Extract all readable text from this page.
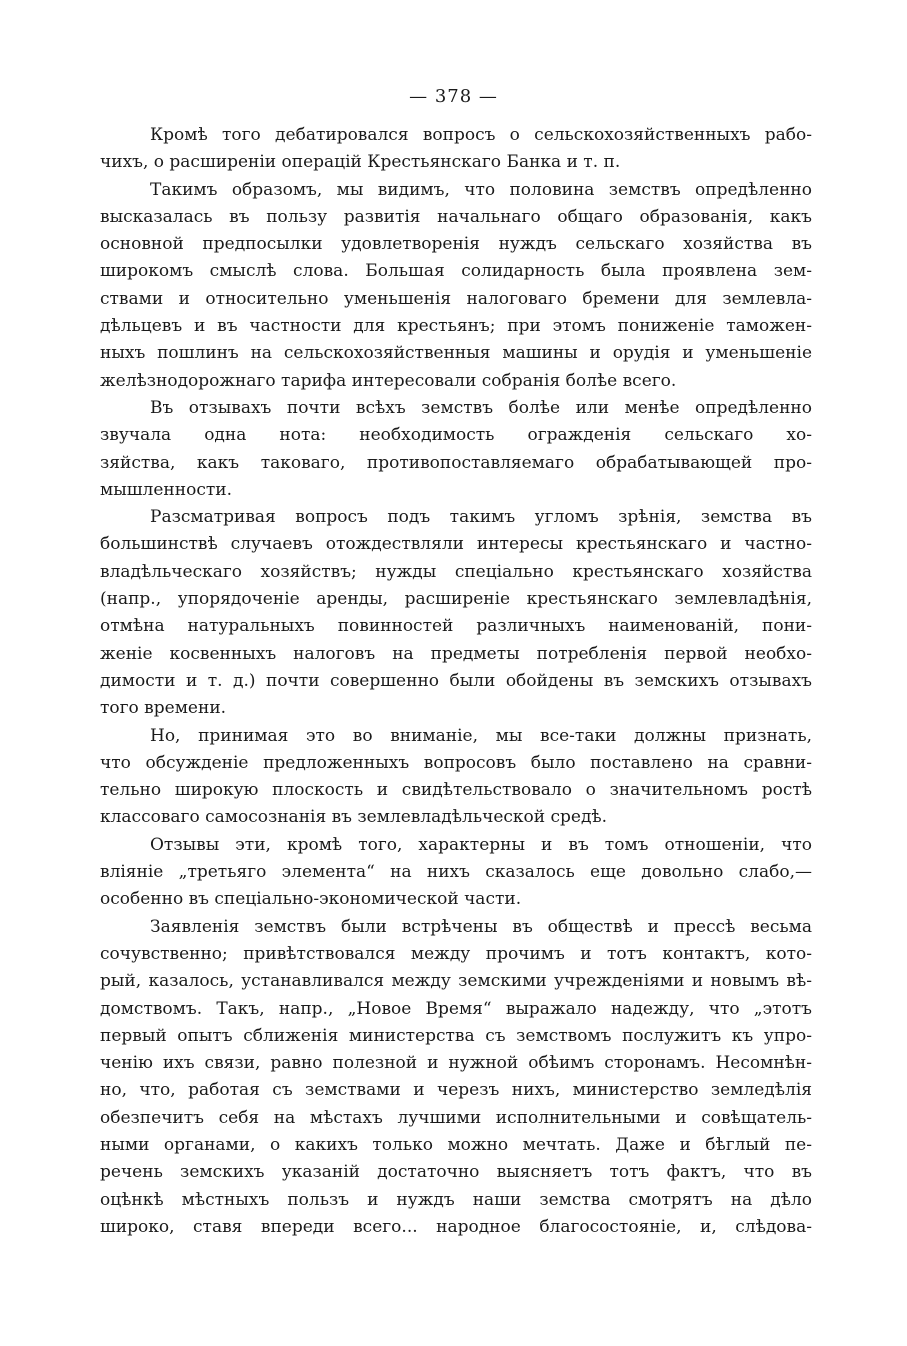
— 378 —
Кромѣ того дебатировался вопросъ о сельскохозяйственныхъ рабо-
чихъ, о расширеніи операцій Крестьянскаго Банка и т. п.
Такимъ образомъ, мы видимъ, что половина земствъ опредѣленно
высказалась въ пользу развитія начальнаго общаго образованія, какъ
основной предпосылки удовлетворенія нуждъ сельскаго хозяйства въ
широкомъ смыслѣ слова. Большая солидарность была проявлена зем-
ствами и относительно уменьшенія налоговаго бремени для землевла-
дѣльцевъ и въ частности для крестьянъ; при этомъ пониженіе таможен-
ныхъ пошлинъ на сельскохозяйственныя машины и орудія и уменьшеніе
желѣзнодорожнаго тарифа интересовали собранія болѣе всего.
Въ отзывахъ почти всѣхъ земствъ болѣе или менѣе опредѣленно
звучала одна нота: необходимость огражденія сельскаго хо-
зяйства, какъ таковаго, противопоставляемаго обрабатывающей про-
мышленности.
Разсматривая вопросъ подъ такимъ угломъ зрѣнія, земства въ
большинствѣ случаевъ отождествляли интересы крестьянскаго и частно-
владѣльческаго хозяйствъ; нужды спеціально крестьянскаго хозяйства
(напр., упорядоченіе аренды, расширеніе крестьянскаго землевладѣнія,
отмѣна натуральныхъ повинностей различныхъ наименованій, пони-
женіе косвенныхъ налоговъ на предметы потребленія первой необхо-
димости и т. д.) почти совершенно были обойдены въ земскихъ отзывахъ
того времени.
Но, принимая это во вниманіе, мы все-таки должны признать,
что обсужденіе предложенныхъ вопросовъ было поставлено на сравни-
тельно широкую плоскость и свидѣтельствовало о значительномъ ростѣ
классоваго самосознанія въ землевладѣльческой средѣ.
Отзывы эти, кромѣ того, характерны и въ томъ отношеніи, что
вліяніе „третьяго элемента“ на нихъ сказалось еще довольно слабо,—
особенно въ спеціально-экономической части.
Заявленія земствъ были встрѣчены въ обществѣ и прессѣ весьма
сочувственно; привѣтствовался между прочимъ и тотъ контактъ, кото-
рый, казалось, устанавливался между земскими учрежденіями и новымъ вѣ-
домствомъ. Такъ, напр., „Новое Время“ выражало надежду, что „этотъ
первый опытъ сближенія министерства съ земствомъ послужитъ къ упро-
ченію ихъ связи, равно полезной и нужной обѣимъ сторонамъ. Несомнѣн-
но, что, работая съ земствами и черезъ нихъ, министерство земледѣлія
обезпечитъ себя на мѣстахъ лучшими исполнительными и совѣщатель-
ными органами, о какихъ только можно мечтать. Даже и бѣглый пе-
речень земскихъ указаній достаточно выясняетъ тотъ фактъ, что въ
оцѣнкѣ мѣстныхъ пользъ и нуждъ наши земства смотрятъ на дѣло
широко, ставя впереди всего... народное благосостояніе, и, слѣдова-
